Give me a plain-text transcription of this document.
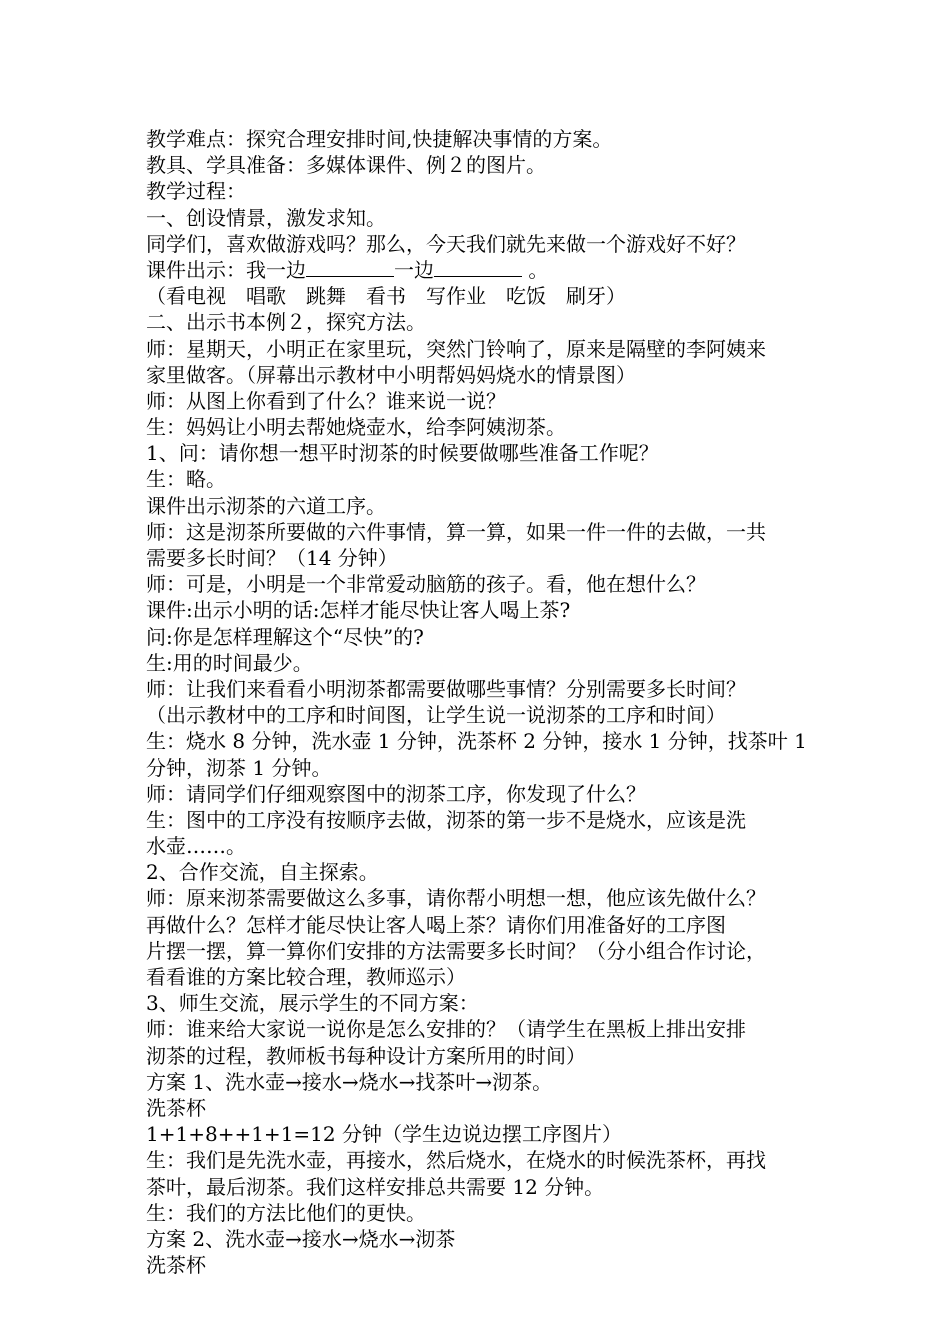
教学难点：探究合理安排时间,快捷解决事情的方案。
教具、学具准备：多媒体课件、例２的图片。
教学过程：
一、创设情景，激发求知。
同学们，喜欢做游戏吗？那么，今天我们就先来做一个游戏好不好？
课件出示：我一边	一边	。
（看电视　唱歌　跳舞　看书　写作业　吃饭　刷牙）
二、出示书本例２，探究方法。
师：星期天，小明正在家里玩，突然门铃响了，原来是隔壁的李阿姨来
家里做客。（屏幕出示教材中小明帮妈妈烧水的情景图）
师：从图上你看到了什么？谁来说一说？
生：妈妈让小明去帮她烧壶水，给李阿姨沏茶。
1、问：请你想一想平时沏茶的时候要做哪些准备工作呢？
生：略。
课件出示沏茶的六道工序。
师：这是沏茶所要做的六件事情，算一算，如果一件一件的去做，一共
需要多长时间？（14 分钟）
师：可是，小明是一个非常爱动脑筋的孩子。看，他在想什么？
课件:出示小明的话:怎样才能尽快让客人喝上茶?
问:你是怎样理解这个“尽快”的?
生:用的时间最少。
师：让我们来看看小明沏茶都需要做哪些事情？分别需要多长时间？
（出示教材中的工序和时间图，让学生说一说沏茶的工序和时间）
生：烧水 8 分钟，洗水壶 1 分钟，洗茶杯 2 分钟，接水 1 分钟，找茶叶 1
分钟，沏茶 1 分钟。
师：请同学们仔细观察图中的沏茶工序，你发现了什么？
生：图中的工序没有按顺序去做，沏茶的第一步不是烧水，应该是洗
水壶……。
2、合作交流，自主探索。
师：原来沏茶需要做这么多事，请你帮小明想一想，他应该先做什么？
再做什么？怎样才能尽快让客人喝上茶？请你们用准备好的工序图
片摆一摆，算一算你们安排的方法需要多长时间？（分小组合作讨论，
看看谁的方案比较合理，教师巡示）
3、师生交流，展示学生的不同方案：
师：谁来给大家说一说你是怎么安排的？（请学生在黑板上排出安排
沏茶的过程，教师板书每种设计方案所用的时间）
方案 1、洗水壶→接水→烧水→找茶叶→沏茶。
洗茶杯
1+1+8++1+1=12 分钟（学生边说边摆工序图片）
生：我们是先洗水壶，再接水，然后烧水，在烧水的时候洗茶杯，再找
茶叶，最后沏茶。我们这样安排总共需要 12 分钟。
生：我们的方法比他们的更快。
方案 2、洗水壶→接水→烧水→沏茶
洗茶杯
